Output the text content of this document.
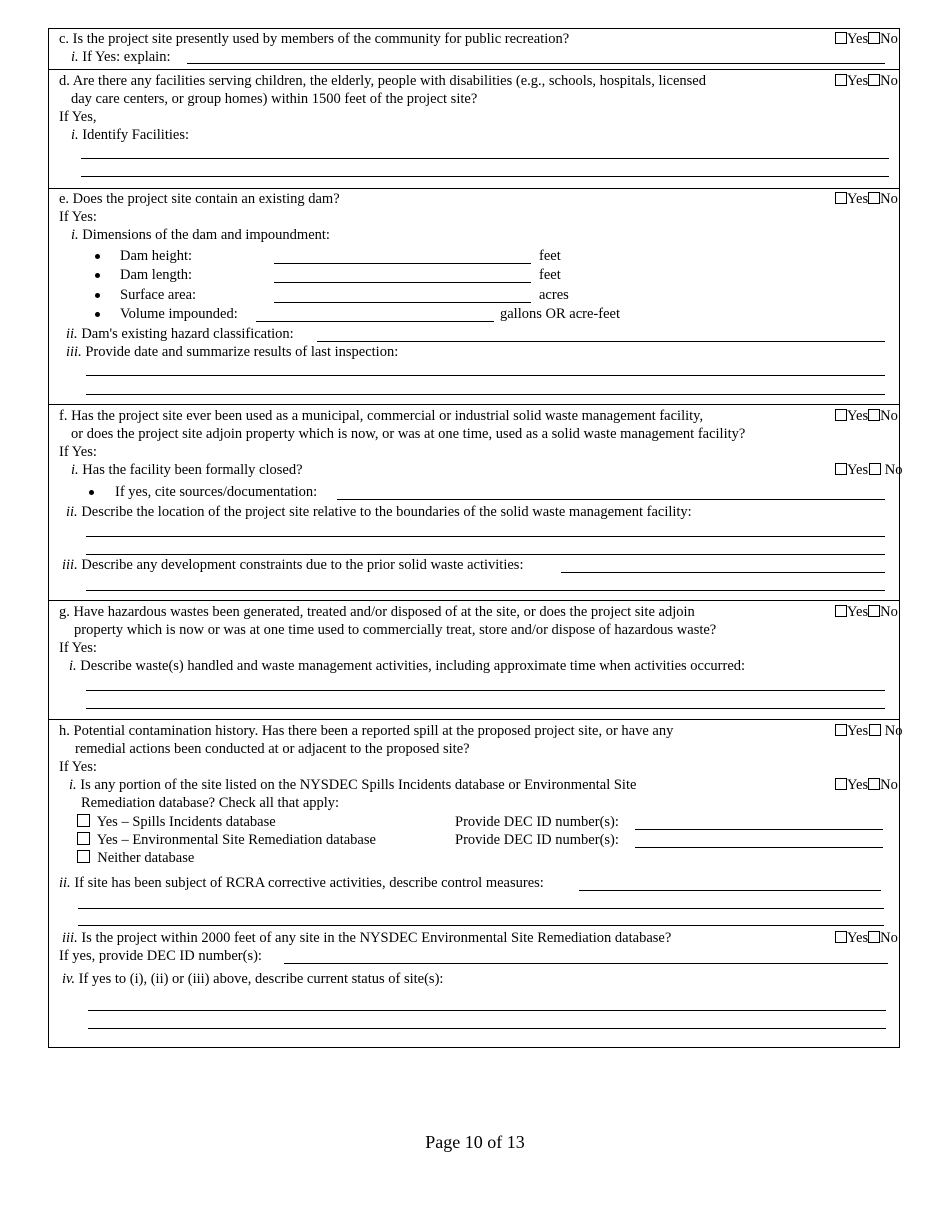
c. Is the project site presently used by members of the community for public recreation?	Yes No
i. If Yes: explain:
d. Are there any facilities serving children, the elderly, people with disabilities (e.g., schools, hospitals, licensed	Yes No
day care centers, or group homes) within 1500 feet of the project site?
If Yes,
i. Identify Facilities:
e. Does the project site contain an existing dam?	Yes No
If Yes:
i. Dimensions of the dam and impoundment:
Dam height:	feet
Dam length:	feet
Surface area:	acres
Volume impounded:	gallons OR acre-feet
ii. Dam's existing hazard classification:
iii. Provide date and summarize results of last inspection:
f. Has the project site ever been used as a municipal, commercial or industrial solid waste management facility,	Yes No
or does the project site adjoin property which is now, or was at one time, used as a solid waste management facility?
If Yes:
i. Has the facility been formally closed?	Yes No
If yes, cite sources/documentation:
ii. Describe the location of the project site relative to the boundaries of the solid waste management facility:
iii. Describe any development constraints due to the prior solid waste activities:
g. Have hazardous wastes been generated, treated and/or disposed of at the site, or does the project site adjoin	Yes No
property which is now or was at one time used to commercially treat, store and/or dispose of hazardous waste?
If Yes:
i. Describe waste(s) handled and waste management activities, including approximate time when activities occurred:
h. Potential contamination history. Has there been a reported spill at the proposed project site, or have any	Yes No
remedial actions been conducted at or adjacent to the proposed site?
If Yes:
i. Is any portion of the site listed on the NYSDEC Spills Incidents database or Environmental Site	Yes No
Remediation database? Check all that apply:
Yes – Spills Incidents database	Provide DEC ID number(s):
Yes – Environmental Site Remediation database	Provide DEC ID number(s):
Neither database
ii. If site has been subject of RCRA corrective activities, describe control measures:
iii. Is the project within 2000 feet of any site in the NYSDEC Environmental Site Remediation database?	Yes No
If yes, provide DEC ID number(s):
iv. If yes to (i), (ii) or (iii) above, describe current status of site(s):
Page 10 of 13
